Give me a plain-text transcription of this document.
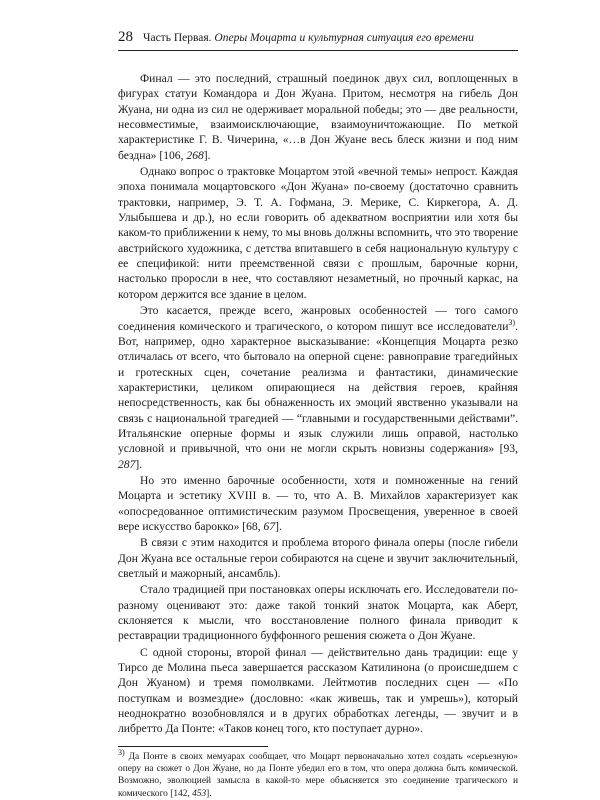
28 Часть Первая. Оперы Моцарта и культурная ситуация его времени

Финал — это последний, страшный поединок двух сил, воплощенных в фигурах статуи Командора и Дон Жуана. Притом, несмотря на гибель Дон Жуана, ни одна из сил не одерживает моральной победы; это — две реальности, несовместимые, взаимоисключающие, взаимоуничтожающие. По меткой характеристике Г. В. Чичерина, «…в Дон Жуане весь блеск жизни и под ним бездна» [106, 268].

Однако вопрос о трактовке Моцартом этой «вечной темы» непрост. Каждая эпоха понимала моцартовского «Дон Жуана» по-своему (достаточно сравнить трактовки, например, Э. Т. А. Гофмана, Э. Мерике, С. Киркегора, А. Д. Улыбышева и др.), но если говорить об адекватном восприятии или хотя бы каком-то приближении к нему, то мы вновь должны вспомнить, что это творение австрийского художника, с детства впитавшего в себя национальную культуру с ее спецификой: нити преемственной связи с прошлым, барочные корни, настолько проросли в нее, что составляют незаметный, но прочный каркас, на котором держится все здание в целом.

Это касается, прежде всего, жанровых особенностей — того самого соединения комического и трагического, о котором пишут все исследователи$^{3)}$. Вот, например, одно характерное высказывание: «Концепция Моцарта резко отличалась от всего, что бытовало на оперной сцене: равноправие трагедийных и гротескных сцен, сочетание реализма и фантастики, динамические характеристики, целиком опирающиеся на действия героев, крайняя непосредственность, как бы обнаженность их эмоций явственно указывали на связь с национальной трагедией — “главными и государственными действами”. Итальянские оперные формы и язык служили лишь оправой, настолько условной и привычной, что они не могли скрыть новизны содержания» [93, 287].

Но это именно барочные особенности, хотя и помноженные на гений Моцарта и эстетику XVIII в. — то, что А. В. Михайлов характеризует как «опосредованное оптимистическим разумом Просвещения, уверенное в своей вере искусство барокко» [68, 67].

В связи с этим находится и проблема второго финала оперы (после гибели Дон Жуана все остальные герои собираются на сцене и звучит заключительный, светлый и мажорный, ансамбль).

Стало традицией при постановках оперы исключать его. Исследователи по-разному оценивают это: даже такой тонкий знаток Моцарта, как Аберт, склоняется к мысли, что восстановление полного финала приводит к реставрации традиционного буффонного решения сюжета о Дон Жуане.

С одной стороны, второй финал — действительно дань традиции: еще у Тирсо де Молина пьеса завершается рассказом Катилинона (о происшедшем с Дон Жуаном) и тремя помолвками. Лейтмотив последних сцен — «По поступкам и возмездие» (дословно: «как живешь, так и умрешь»), который неоднократно возобновлялся и в других обработках легенды, — звучит и в либретто Да Понте: «Таков конец того, кто поступает дурно».

$^{3)}$ Да Понте в своих мемуарах сообщает, что Моцарт первоначально хотел создать «серьезную» оперу на сюжет о Дон Жуане, но да Понте убедил его в том, что опера должна быть комической. Возможно, эволюцией замысла в какой-то мере объясняется это соединение трагического и комического [142, 453].
